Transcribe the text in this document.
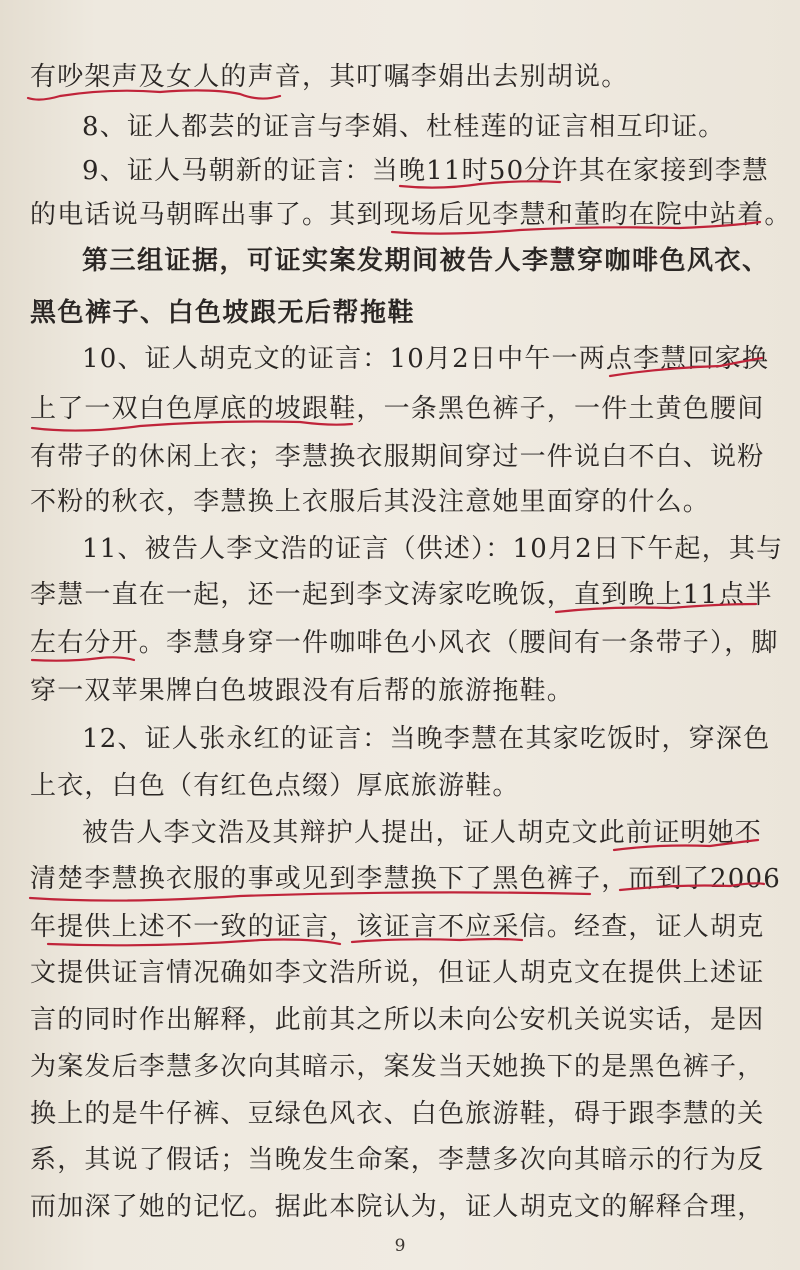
有吵架声及女人的声音，其叮嘱李娟出去别胡说。
8、证人都芸的证言与李娟、杜桂莲的证言相互印证。
9、证人马朝新的证言：当晚11时50分许其在家接到李慧
的电话说马朝晖出事了。其到现场后见李慧和董昀在院中站着。
第三组证据，可证实案发期间被告人李慧穿咖啡色风衣、
黑色裤子、白色坡跟无后帮拖鞋
10、证人胡克文的证言：10月2日中午一两点李慧回家换
上了一双白色厚底的坡跟鞋，一条黑色裤子，一件土黄色腰间
有带子的休闲上衣；李慧换衣服期间穿过一件说白不白、说粉
不粉的秋衣，李慧换上衣服后其没注意她里面穿的什么。
11、被告人李文浩的证言（供述）：10月2日下午起，其与
李慧一直在一起，还一起到李文涛家吃晚饭，直到晚上11点半
左右分开。李慧身穿一件咖啡色小风衣（腰间有一条带子），脚
穿一双苹果牌白色坡跟没有后帮的旅游拖鞋。
12、证人张永红的证言：当晚李慧在其家吃饭时，穿深色
上衣，白色（有红色点缀）厚底旅游鞋。
被告人李文浩及其辩护人提出，证人胡克文此前证明她不
清楚李慧换衣服的事或见到李慧换下了黑色裤子，而到了2006
年提供上述不一致的证言，该证言不应采信。经查，证人胡克
文提供证言情况确如李文浩所说，但证人胡克文在提供上述证
言的同时作出解释，此前其之所以未向公安机关说实话，是因
为案发后李慧多次向其暗示，案发当天她换下的是黑色裤子，
换上的是牛仔裤、豆绿色风衣、白色旅游鞋，碍于跟李慧的关
系，其说了假话；当晚发生命案，李慧多次向其暗示的行为反
而加深了她的记忆。据此本院认为，证人胡克文的解释合理，
9
